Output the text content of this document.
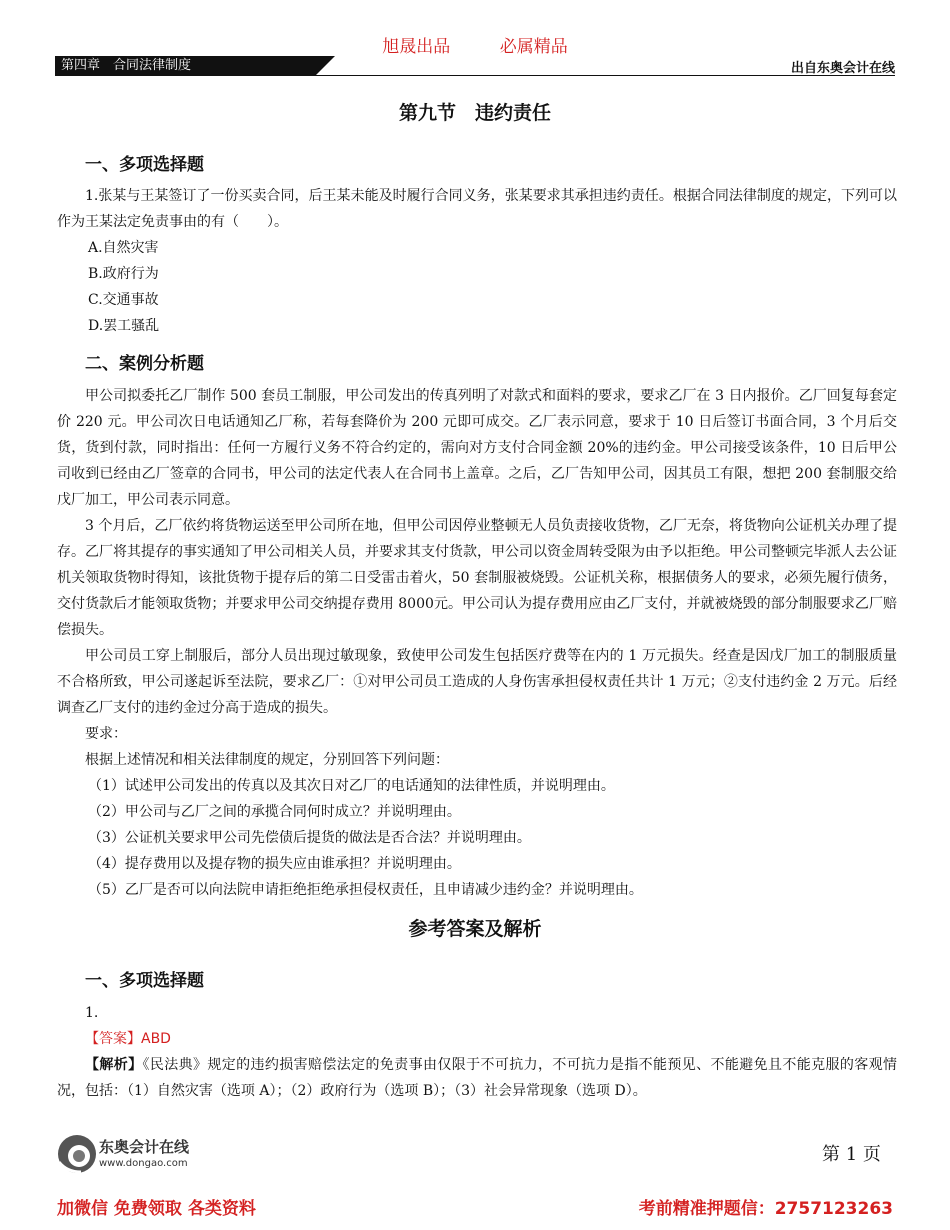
旭晟出品	必属精品
第四章　合同法律制度	出自东奥会计在线
第九节　违约责任
一、多项选择题

1.张某与王某签订了一份买卖合同，后王某未能及时履行合同义务，张某要求其承担违约责任。根据合同法律制度的规定，下列可以作为王某法定免责事由的有（　　）。

A.自然灾害

B.政府行为

C.交通事故

D.罢工骚乱

二、案例分析题

甲公司拟委托乙厂制作 500 套员工制服，甲公司发出的传真列明了对款式和面料的要求，要求乙厂在 3 日内报价。乙厂回复每套定价 220 元。甲公司次日电话通知乙厂称，若每套降价为 200 元即可成交。乙厂表示同意，要求于 10 日后签订书面合同，3 个月后交货，货到付款，同时指出：任何一方履行义务不符合约定的，需向对方支付合同金额 20%的违约金。甲公司接受该条件，10 日后甲公司收到已经由乙厂签章的合同书，甲公司的法定代表人在合同书上盖章。之后，乙厂告知甲公司，因其员工有限，想把 200 套制服交给戊厂加工，甲公司表示同意。

3 个月后，乙厂依约将货物运送至甲公司所在地，但甲公司因停业整顿无人员负责接收货物，乙厂无奈，将货物向公证机关办理了提存。乙厂将其提存的事实通知了甲公司相关人员，并要求其支付货款，甲公司以资金周转受限为由予以拒绝。甲公司整顿完毕派人去公证机关领取货物时得知，该批货物于提存后的第二日受雷击着火，50 套制服被烧毁。公证机关称，根据债务人的要求，必须先履行债务，交付货款后才能领取货物；并要求甲公司交纳提存费用 8000元。甲公司认为提存费用应由乙厂支付，并就被烧毁的部分制服要求乙厂赔偿损失。

甲公司员工穿上制服后，部分人员出现过敏现象，致使甲公司发生包括医疗费等在内的 1 万元损失。经查是因戊厂加工的制服质量不合格所致，甲公司遂起诉至法院，要求乙厂：①对甲公司员工造成的人身伤害承担侵权责任共计 1 万元；②支付违约金 2 万元。后经调查乙厂支付的违约金过分高于造成的损失。

要求：

根据上述情况和相关法律制度的规定，分别回答下列问题：

（1）试述甲公司发出的传真以及其次日对乙厂的电话通知的法律性质，并说明理由。

（2）甲公司与乙厂之间的承揽合同何时成立？并说明理由。

（3）公证机关要求甲公司先偿债后提货的做法是否合法？并说明理由。

（4）提存费用以及提存物的损失应由谁承担？并说明理由。

（5）乙厂是否可以向法院申请拒绝拒绝承担侵权责任，且申请减少违约金？并说明理由。

参考答案及解析
一、多项选择题

1.

【答案】ABD

【解析】《民法典》规定的违约损害赔偿法定的免责事由仅限于不可抗力，不可抗力是指不能预见、不能避免且不能克服的客观情况，包括：（1）自然灾害（选项 A）；（2）政府行为（选项 B）；（3）社会异常现象（选项 D）。

东奥会计在线
www.dongao.com	第 1 页
加微信 免费领取 各类资料	考前精准押题信：2757123263
